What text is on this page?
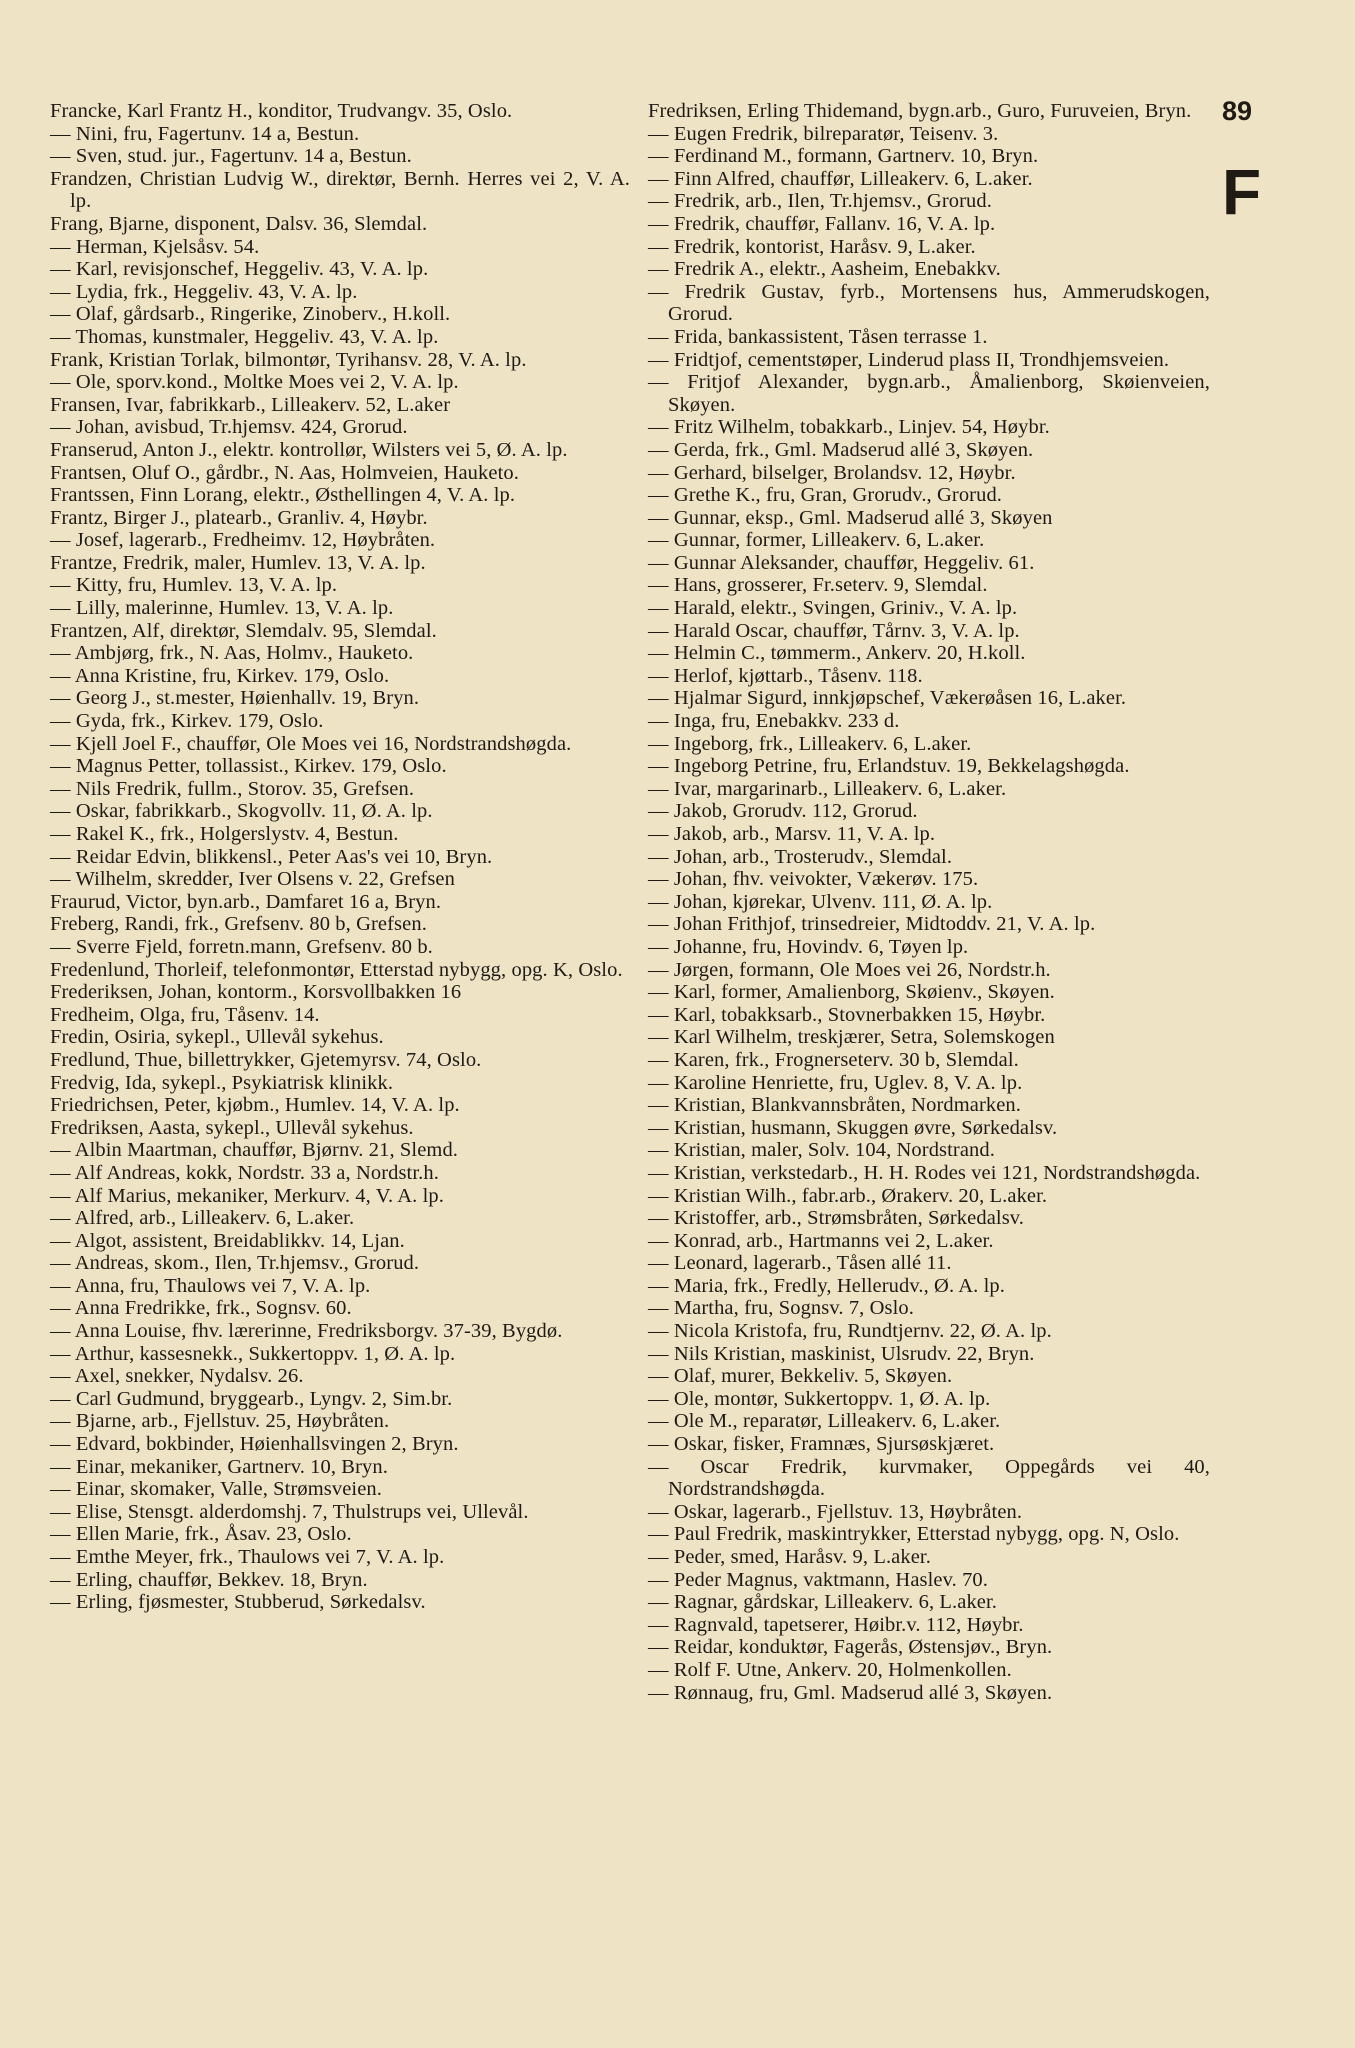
Francke, Karl Frantz H., konditor, Trudvangv. 35, Oslo.
— Nini, fru, Fagertunv. 14 a, Bestun.
— Sven, stud. jur., Fagertunv. 14 a, Bestun.
Frandzen, Christian Ludvig W., direktør, Bernh. Herres vei 2, V. A. lp.
Frang, Bjarne, disponent, Dalsv. 36, Slemdal.
— Herman, Kjelsåsv. 54.
— Karl, revisjonschef, Heggeliv. 43, V. A. lp.
— Lydia, frk., Heggeliv. 43, V. A. lp.
— Olaf, gårdsarb., Ringerike, Zinoberv., H.koll.
— Thomas, kunstmaler, Heggeliv. 43, V. A. lp.
Frank, Kristian Torlak, bilmontør, Tyrihansv. 28, V. A. lp.
— Ole, sporv.kond., Moltke Moes vei 2, V. A. lp.
Fransen, Ivar, fabrikkarb., Lilleakerv. 52, L.aker
— Johan, avisbud, Tr.hjemsv. 424, Grorud.
Franserud, Anton J., elektr. kontrollør, Wilsters vei 5, Ø. A. lp.
Frantsen, Oluf O., gårdbr., N. Aas, Holmveien, Hauketo.
Frantssen, Finn Lorang, elektr., Østhellingen 4, V. A. lp.
Frantz, Birger J., platearb., Granliv. 4, Høybr.
— Josef, lagerarb., Fredheimv. 12, Høybråten.
Frantze, Fredrik, maler, Humlev. 13, V. A. lp.
— Kitty, fru, Humlev. 13, V. A. lp.
— Lilly, malerinne, Humlev. 13, V. A. lp.
Frantzen, Alf, direktør, Slemdalv. 95, Slemdal.
— Ambjørg, frk., N. Aas, Holmv., Hauketo.
— Anna Kristine, fru, Kirkev. 179, Oslo.
— Georg J., st.mester, Høienhallv. 19, Bryn.
— Gyda, frk., Kirkev. 179, Oslo.
— Kjell Joel F., chauffør, Ole Moes vei 16, Nordstrandshøgda.
— Magnus Petter, tollassist., Kirkev. 179, Oslo.
— Nils Fredrik, fullm., Storov. 35, Grefsen.
— Oskar, fabrikkarb., Skogvollv. 11, Ø. A. lp.
— Rakel K., frk., Holgerslystv. 4, Bestun.
— Reidar Edvin, blikkensl., Peter Aas's vei 10, Bryn.
— Wilhelm, skredder, Iver Olsens v. 22, Grefsen
Fraurud, Victor, byn.arb., Damfaret 16 a, Bryn.
Freberg, Randi, frk., Grefsenv. 80 b, Grefsen.
— Sverre Fjeld, forretn.mann, Grefsenv. 80 b.
Fredenlund, Thorleif, telefonmontør, Etterstad nybygg, opg. K, Oslo.
Frederiksen, Johan, kontorm., Korsvollbakken 16
Fredheim, Olga, fru, Tåsenv. 14.
Fredin, Osiria, sykepl., Ullevål sykehus.
Fredlund, Thue, billettrykker, Gjetemyrsv. 74, Oslo.
Fredvig, Ida, sykepl., Psykiatrisk klinikk.
Friedrichsen, Peter, kjøbm., Humlev. 14, V. A. lp.
Fredriksen, Aasta, sykepl., Ullevål sykehus.
— Albin Maartman, chauffør, Bjørnv. 21, Slemd.
— Alf Andreas, kokk, Nordstr. 33 a, Nordstr.h.
— Alf Marius, mekaniker, Merkurv. 4, V. A. lp.
— Alfred, arb., Lilleakerv. 6, L.aker.
— Algot, assistent, Breidablikkv. 14, Ljan.
— Andreas, skom., Ilen, Tr.hjemsv., Grorud.
— Anna, fru, Thaulows vei 7, V. A. lp.
— Anna Fredrikke, frk., Sognsv. 60.
— Anna Louise, fhv. lærerinne, Fredriksborgv. 37-39, Bygdø.
— Arthur, kassesnekk., Sukkertoppv. 1, Ø. A. lp.
— Axel, snekker, Nydalsv. 26.
— Carl Gudmund, bryggearb., Lyngv. 2, Sim.br.
— Bjarne, arb., Fjellstuv. 25, Høybråten.
— Edvard, bokbinder, Høienhallsvingen 2, Bryn.
— Einar, mekaniker, Gartnerv. 10, Bryn.
— Einar, skomaker, Valle, Strømsveien.
— Elise, Stensgt. alderdomshj. 7, Thulstrups vei, Ullevål.
— Ellen Marie, frk., Åsav. 23, Oslo.
— Emthe Meyer, frk., Thaulows vei 7, V. A. lp.
— Erling, chauffør, Bekkev. 18, Bryn.
— Erling, fjøsmester, Stubberud, Sørkedalsv.
Fredriksen, Erling Thidemand, bygn.arb., Guro, Furuveien, Bryn.
— Eugen Fredrik, bilreparatør, Teisenv. 3.
— Ferdinand M., formann, Gartnerv. 10, Bryn.
— Finn Alfred, chauffør, Lilleakerv. 6, L.aker.
— Fredrik, arb., Ilen, Tr.hjemsv., Grorud.
— Fredrik, chauffør, Fallanv. 16, V. A. lp.
— Fredrik, kontorist, Haråsv. 9, L.aker.
— Fredrik A., elektr., Aasheim, Enebakkv.
— Fredrik Gustav, fyrb., Mortensens hus, Ammerudskogen, Grorud.
— Frida, bankassistent, Tåsen terrasse 1.
— Fridtjof, cementstøper, Linderud plass II, Trondhjemsveien.
— Fritjof Alexander, bygn.arb., Åmalienborg, Skøienveien, Skøyen.
— Fritz Wilhelm, tobakkarb., Linjev. 54, Høybr.
— Gerda, frk., Gml. Madserud allé 3, Skøyen.
— Gerhard, bilselger, Brolandsv. 12, Høybr.
— Grethe K., fru, Gran, Grorudv., Grorud.
— Gunnar, eksp., Gml. Madserud allé 3, Skøyen
— Gunnar, former, Lilleakerv. 6, L.aker.
— Gunnar Aleksander, chauffør, Heggeliv. 61.
— Hans, grosserer, Fr.seterv. 9, Slemdal.
— Harald, elektr., Svingen, Griniv., V. A. lp.
— Harald Oscar, chauffør, Tårnv. 3, V. A. lp.
— Helmin C., tømmerm., Ankerv. 20, H.koll.
— Herlof, kjøttarb., Tåsenv. 118.
— Hjalmar Sigurd, innkjøpschef, Vækerøåsen 16, L.aker.
— Inga, fru, Enebakkv. 233 d.
— Ingeborg, frk., Lilleakerv. 6, L.aker.
— Ingeborg Petrine, fru, Erlandstuv. 19, Bekkelagshøgda.
— Ivar, margarinarb., Lilleakerv. 6, L.aker.
— Jakob, Grorudv. 112, Grorud.
— Jakob, arb., Marsv. 11, V. A. lp.
— Johan, arb., Trosterudv., Slemdal.
— Johan, fhv. veivokter, Vækerøv. 175.
— Johan, kjørekar, Ulvenv. 111, Ø. A. lp.
— Johan Frithjof, trinsedreier, Midtoddv. 21, V. A. lp.
— Johanne, fru, Hovindv. 6, Tøyen lp.
— Jørgen, formann, Ole Moes vei 26, Nordstr.h.
— Karl, former, Amalienborg, Skøienv., Skøyen.
— Karl, tobakksarb., Stovnerbakken 15, Høybr.
— Karl Wilhelm, treskjærer, Setra, Solemskogen
— Karen, frk., Frognerseterv. 30 b, Slemdal.
— Karoline Henriette, fru, Uglev. 8, V. A. lp.
— Kristian, Blankvannsbråten, Nordmarken.
— Kristian, husmann, Skuggen øvre, Sørkedalsv.
— Kristian, maler, Solv. 104, Nordstrand.
— Kristian, verkstedarb., H. H. Rodes vei 121, Nordstrandshøgda.
— Kristian Wilh., fabr.arb., Ørakerv. 20, L.aker.
— Kristoffer, arb., Strømsbråten, Sørkedalsv.
— Konrad, arb., Hartmanns vei 2, L.aker.
— Leonard, lagerarb., Tåsen allé 11.
— Maria, frk., Fredly, Hellerudv., Ø. A. lp.
— Martha, fru, Sognsv. 7, Oslo.
— Nicola Kristofa, fru, Rundtjernv. 22, Ø. A. lp.
— Nils Kristian, maskinist, Ulsrudv. 22, Bryn.
— Olaf, murer, Bekkeliv. 5, Skøyen.
— Ole, montør, Sukkertoppv. 1, Ø. A. lp.
— Ole M., reparatør, Lilleakerv. 6, L.aker.
— Oskar, fisker, Framnæs, Sjursøskjæret.
— Oscar Fredrik, kurvmaker, Oppegårds vei 40, Nordstrandshøgda.
— Oskar, lagerarb., Fjellstuv. 13, Høybråten.
— Paul Fredrik, maskintrykker, Etterstad nybygg, opg. N, Oslo.
— Peder, smed, Haråsv. 9, L.aker.
— Peder Magnus, vaktmann, Haslev. 70.
— Ragnar, gårdskar, Lilleakerv. 6, L.aker.
— Ragnvald, tapetserer, Høibr.v. 112, Høybr.
— Reidar, konduktør, Fagerås, Østensjøv., Bryn.
— Rolf F. Utne, Ankerv. 20, Holmenkollen.
— Rønnaug, fru, Gml. Madserud allé 3, Skøyen.
89
F
